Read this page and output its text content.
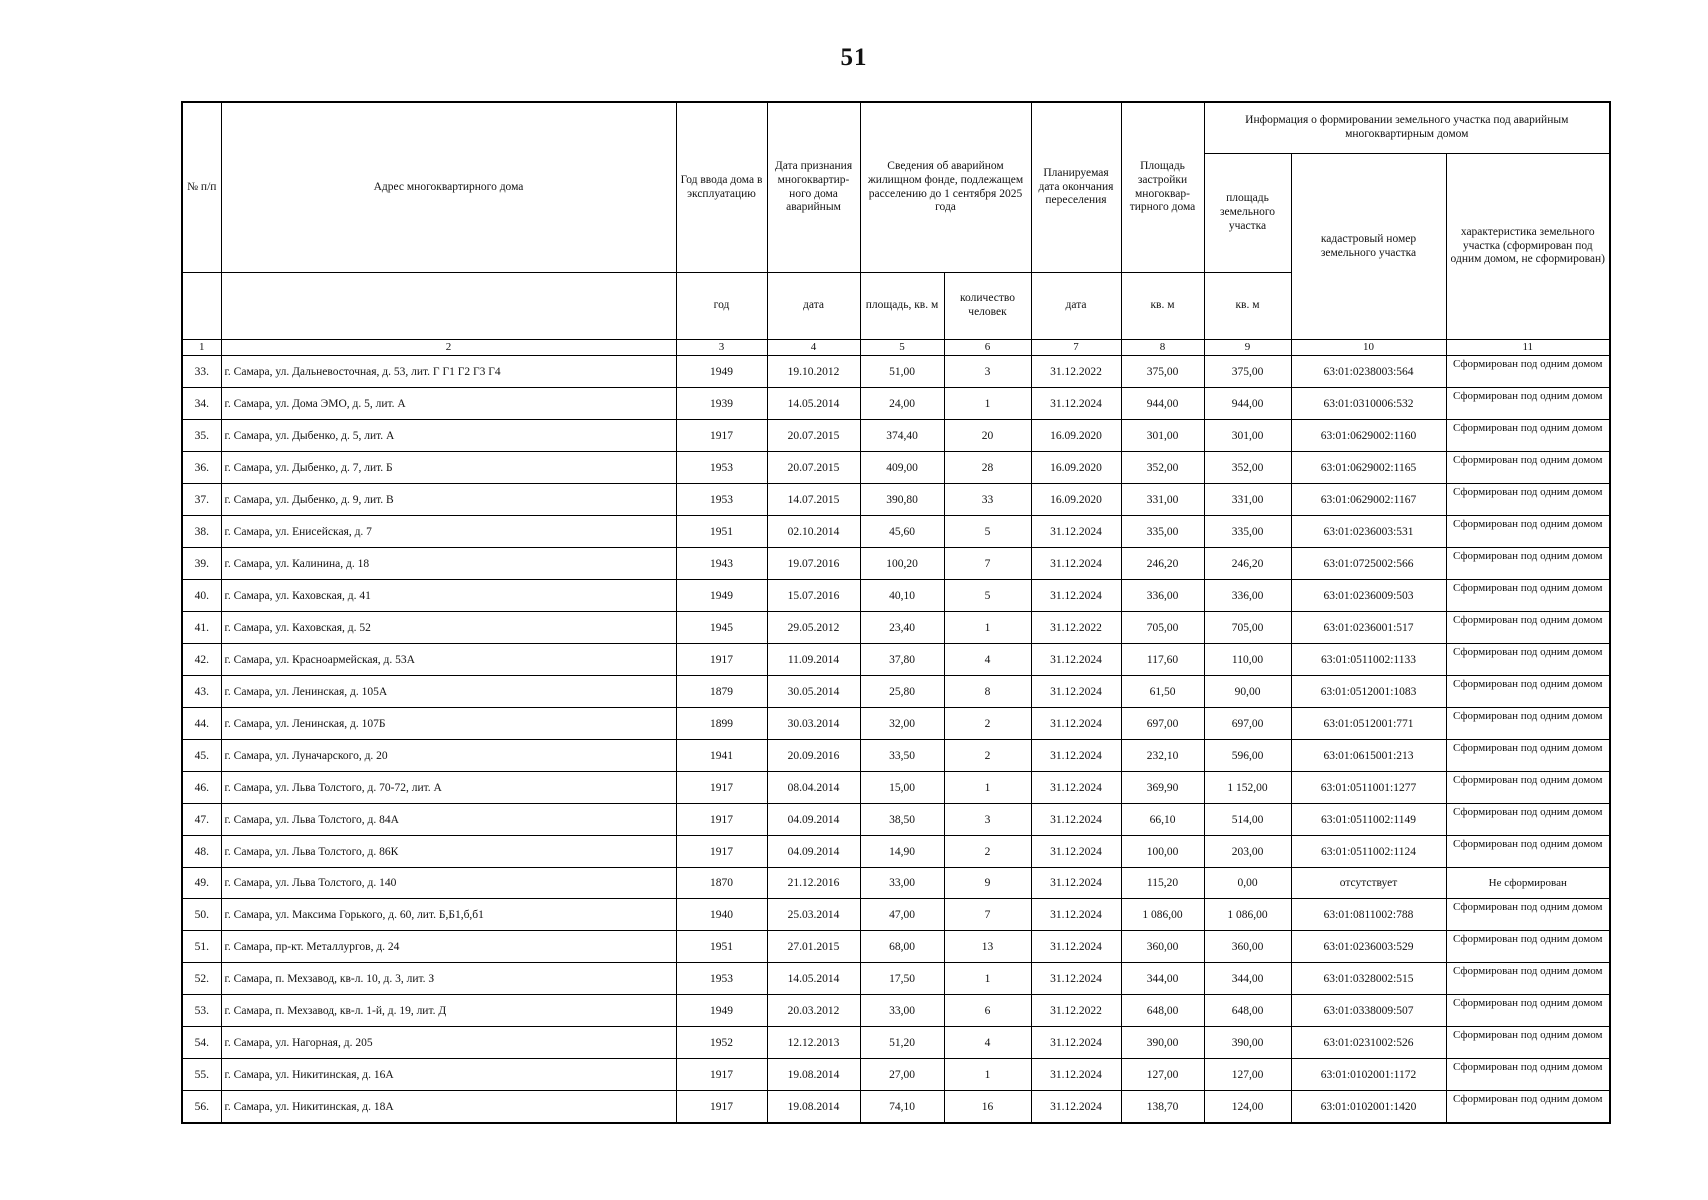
51
№ п/п	Адрес многоквартирного дома	Год ввода дома в эксплуатацию	Дата признания многоквартир-ного дома аварийным	Сведения об аварийном жилищном фонде, подлежащем расселению до 1 сентября 2025 года		Планируемая дата окончания переселения	Площадь застройки многоквар-тирного дома	Информация о формировании земельного участка под аварийным многоквартирным домом		
								площадь земельного участка	кадастровый номер земельного участка	характеристика земельного участка (сформирован под одним домом, не сформирован)
		год	дата	площадь, кв. м	количество человек	дата	кв. м	кв. м		
1	2	3	4	5	6	7	8	9	10	11
33.	г. Самара, ул. Дальневосточная, д. 53, лит. Г Г1 Г2 Г3 Г4	1949	19.10.2012	51,00	3	31.12.2022	375,00	375,00	63:01:0238003:564	Сформирован под одним домом
34.	г. Самара, ул. Дома ЭМО, д. 5, лит. А	1939	14.05.2014	24,00	1	31.12.2024	944,00	944,00	63:01:0310006:532	Сформирован под одним домом
35.	г. Самара, ул. Дыбенко, д. 5, лит. А	1917	20.07.2015	374,40	20	16.09.2020	301,00	301,00	63:01:0629002:1160	Сформирован под одним домом
36.	г. Самара, ул. Дыбенко, д. 7, лит. Б	1953	20.07.2015	409,00	28	16.09.2020	352,00	352,00	63:01:0629002:1165	Сформирован под одним домом
37.	г. Самара, ул. Дыбенко, д. 9, лит. В	1953	14.07.2015	390,80	33	16.09.2020	331,00	331,00	63:01:0629002:1167	Сформирован под одним домом
38.	г. Самара, ул. Енисейская, д. 7	1951	02.10.2014	45,60	5	31.12.2024	335,00	335,00	63:01:0236003:531	Сформирован под одним домом
39.	г. Самара, ул. Калинина, д. 18	1943	19.07.2016	100,20	7	31.12.2024	246,20	246,20	63:01:0725002:566	Сформирован под одним домом
40.	г. Самара, ул. Каховская, д. 41	1949	15.07.2016	40,10	5	31.12.2024	336,00	336,00	63:01:0236009:503	Сформирован под одним домом
41.	г. Самара, ул. Каховская, д. 52	1945	29.05.2012	23,40	1	31.12.2022	705,00	705,00	63:01:0236001:517	Сформирован под одним домом
42.	г. Самара, ул. Красноармейская, д. 53А	1917	11.09.2014	37,80	4	31.12.2024	117,60	110,00	63:01:0511002:1133	Сформирован под одним домом
43.	г. Самара, ул. Ленинская, д. 105А	1879	30.05.2014	25,80	8	31.12.2024	61,50	90,00	63:01:0512001:1083	Сформирован под одним домом
44.	г. Самара, ул. Ленинская, д. 107Б	1899	30.03.2014	32,00	2	31.12.2024	697,00	697,00	63:01:0512001:771	Сформирован под одним домом
45.	г. Самара, ул. Луначарского, д. 20	1941	20.09.2016	33,50	2	31.12.2024	232,10	596,00	63:01:0615001:213	Сформирован под одним домом
46.	г. Самара, ул. Льва Толстого, д. 70-72, лит. А	1917	08.04.2014	15,00	1	31.12.2024	369,90	1 152,00	63:01:0511001:1277	Сформирован под одним домом
47.	г. Самара, ул. Льва Толстого, д. 84А	1917	04.09.2014	38,50	3	31.12.2024	66,10	514,00	63:01:0511002:1149	Сформирован под одним домом
48.	г. Самара, ул. Льва Толстого, д. 86К	1917	04.09.2014	14,90	2	31.12.2024	100,00	203,00	63:01:0511002:1124	Сформирован под одним домом
49.	г. Самара, ул. Льва Толстого, д. 140	1870	21.12.2016	33,00	9	31.12.2024	115,20	0,00	отсутствует	Не сформирован
50.	г. Самара, ул. Максима Горького, д. 60, лит. Б,Б1,б,б1	1940	25.03.2014	47,00	7	31.12.2024	1 086,00	1 086,00	63:01:0811002:788	Сформирован под одним домом
51.	г. Самара, пр-кт. Металлургов, д. 24	1951	27.01.2015	68,00	13	31.12.2024	360,00	360,00	63:01:0236003:529	Сформирован под одним домом
52.	г. Самара, п. Мехзавод, кв-л. 10, д. 3, лит. З	1953	14.05.2014	17,50	1	31.12.2024	344,00	344,00	63:01:0328002:515	Сформирован под одним домом
53.	г. Самара, п. Мехзавод, кв-л. 1-й, д. 19, лит. Д	1949	20.03.2012	33,00	6	31.12.2022	648,00	648,00	63:01:0338009:507	Сформирован под одним домом
54.	г. Самара, ул. Нагорная, д. 205	1952	12.12.2013	51,20	4	31.12.2024	390,00	390,00	63:01:0231002:526	Сформирован под одним домом
55.	г. Самара, ул. Никитинская, д. 16А	1917	19.08.2014	27,00	1	31.12.2024	127,00	127,00	63:01:0102001:1172	Сформирован под одним домом
56.	г. Самара, ул. Никитинская, д. 18А	1917	19.08.2014	74,10	16	31.12.2024	138,70	124,00	63:01:0102001:1420	Сформирован под одним домом
